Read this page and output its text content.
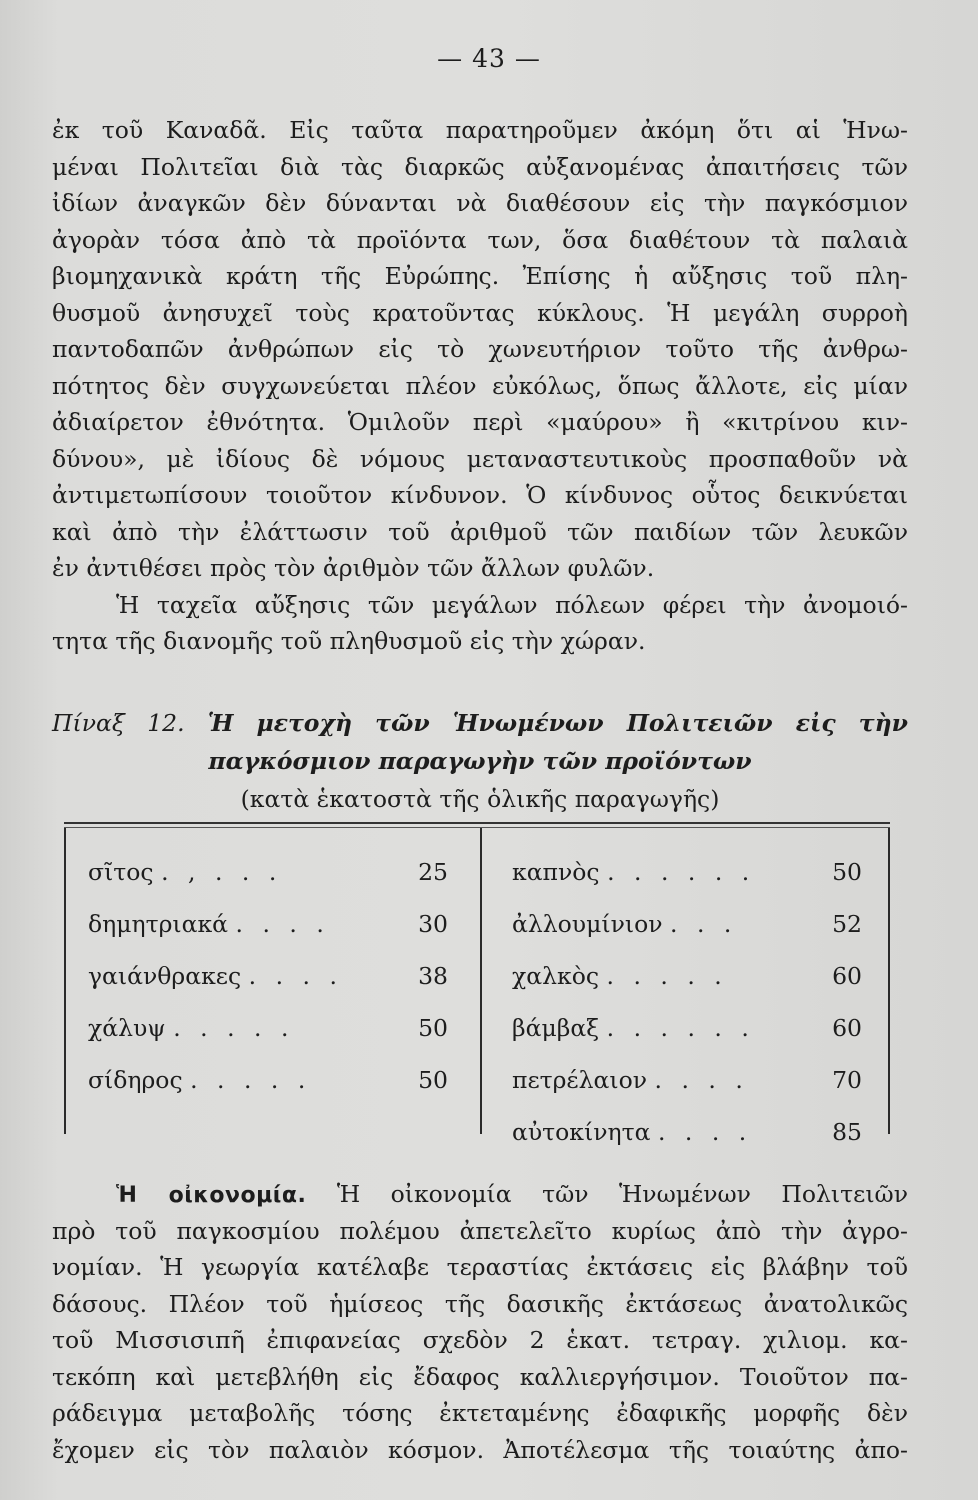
— 43 —
ἐκ τοῦ Καναδᾶ. Εἰς ταῦτα παρατηροῦμεν ἀκόμη ὅτι αἱ Ἡνω-
μέναι Πολιτεῖαι διὰ τὰς διαρκῶς αὐξανομένας ἀπαιτήσεις τῶν
ἰδίων ἀναγκῶν δὲν δύνανται νὰ διαθέσουν εἰς τὴν παγκόσμιον
ἀγορὰν τόσα ἀπὸ τὰ προϊόντα των, ὅσα διαθέτουν τὰ παλαιὰ
βιομηχανικὰ κράτη τῆς Εὐρώπης. Ἐπίσης ἡ αὔξησις τοῦ πλη-
θυσμοῦ ἀνησυχεῖ τοὺς κρατοῦντας κύκλους. Ἡ μεγάλη συρροὴ
παντοδαπῶν ἀνθρώπων εἰς τὸ χωνευτήριον τοῦτο τῆς ἀνθρω-
πότητος δὲν συγχωνεύεται πλέον εὐκόλως, ὅπως ἄλλοτε, εἰς μίαν
ἀδιαίρετον ἐθνότητα. Ὁμιλοῦν περὶ «μαύρου» ἢ «κιτρίνου κιν-
δύνου», μὲ ἰδίους δὲ νόμους μεταναστευτικοὺς προσπαθοῦν νὰ
ἀντιμετωπίσουν τοιοῦτον κίνδυνον. Ὁ κίνδυνος οὗτος δεικνύεται
καὶ ἀπὸ τὴν ἐλάττωσιν τοῦ ἀριθμοῦ τῶν παιδίων τῶν λευκῶν
ἐν ἀντιθέσει πρὸς τὸν ἀριθμὸν τῶν ἄλλων φυλῶν.
Ἡ ταχεῖα αὔξησις τῶν μεγάλων πόλεων φέρει τὴν ἀνομοιό-
τητα τῆς διανομῆς τοῦ πληθυσμοῦ εἰς τὴν χώραν.
Πίναξ 12. Ἡ μετοχὴ τῶν Ἡνωμένων Πολιτειῶν εἰς τὴν
παγκόσμιον παραγωγὴν τῶν προϊόντων
(κατὰ ἑκατοστὰ τῆς ὁλικῆς παραγωγῆς)
σῖτος . , . . .	25
δημητριακά . . . .	30
γαιάνθρακες . . . .	38
χάλυψ . . . . .	50
σίδηρος . . . . .	50
καπνὸς . . . . . .	50
ἀλλουμίνιον . . .	52
χαλκὸς . . . . .	60
βάμβαξ . . . . . .	60
πετρέλαιον . . . .	70
αὐτοκίνητα . . . .	85
Ἡ οἰκονομία. Ἡ οἰκονομία τῶν Ἡνωμένων Πολιτειῶν
πρὸ τοῦ παγκοσμίου πολέμου ἀπετελεῖτο κυρίως ἀπὸ τὴν ἀγρο-
νομίαν. Ἡ γεωργία κατέλαβε τεραστίας ἐκτάσεις εἰς βλάβην τοῦ
δάσους. Πλέον τοῦ ἡμίσεος τῆς δασικῆς ἐκτάσεως ἀνατολικῶς
τοῦ Μισσισιπῆ ἐπιφανείας σχεδὸν 2 ἑκατ. τετραγ. χιλιομ. κα-
τεκόπη καὶ μετεβλήθη εἰς ἔδαφος καλλιεργήσιμον. Τοιοῦτον πα-
ράδειγμα μεταβολῆς τόσης ἐκτεταμένης ἐδαφικῆς μορφῆς δὲν
ἔχομεν εἰς τὸν παλαιὸν κόσμον. Ἀποτέλεσμα τῆς τοιαύτης ἀπο-
